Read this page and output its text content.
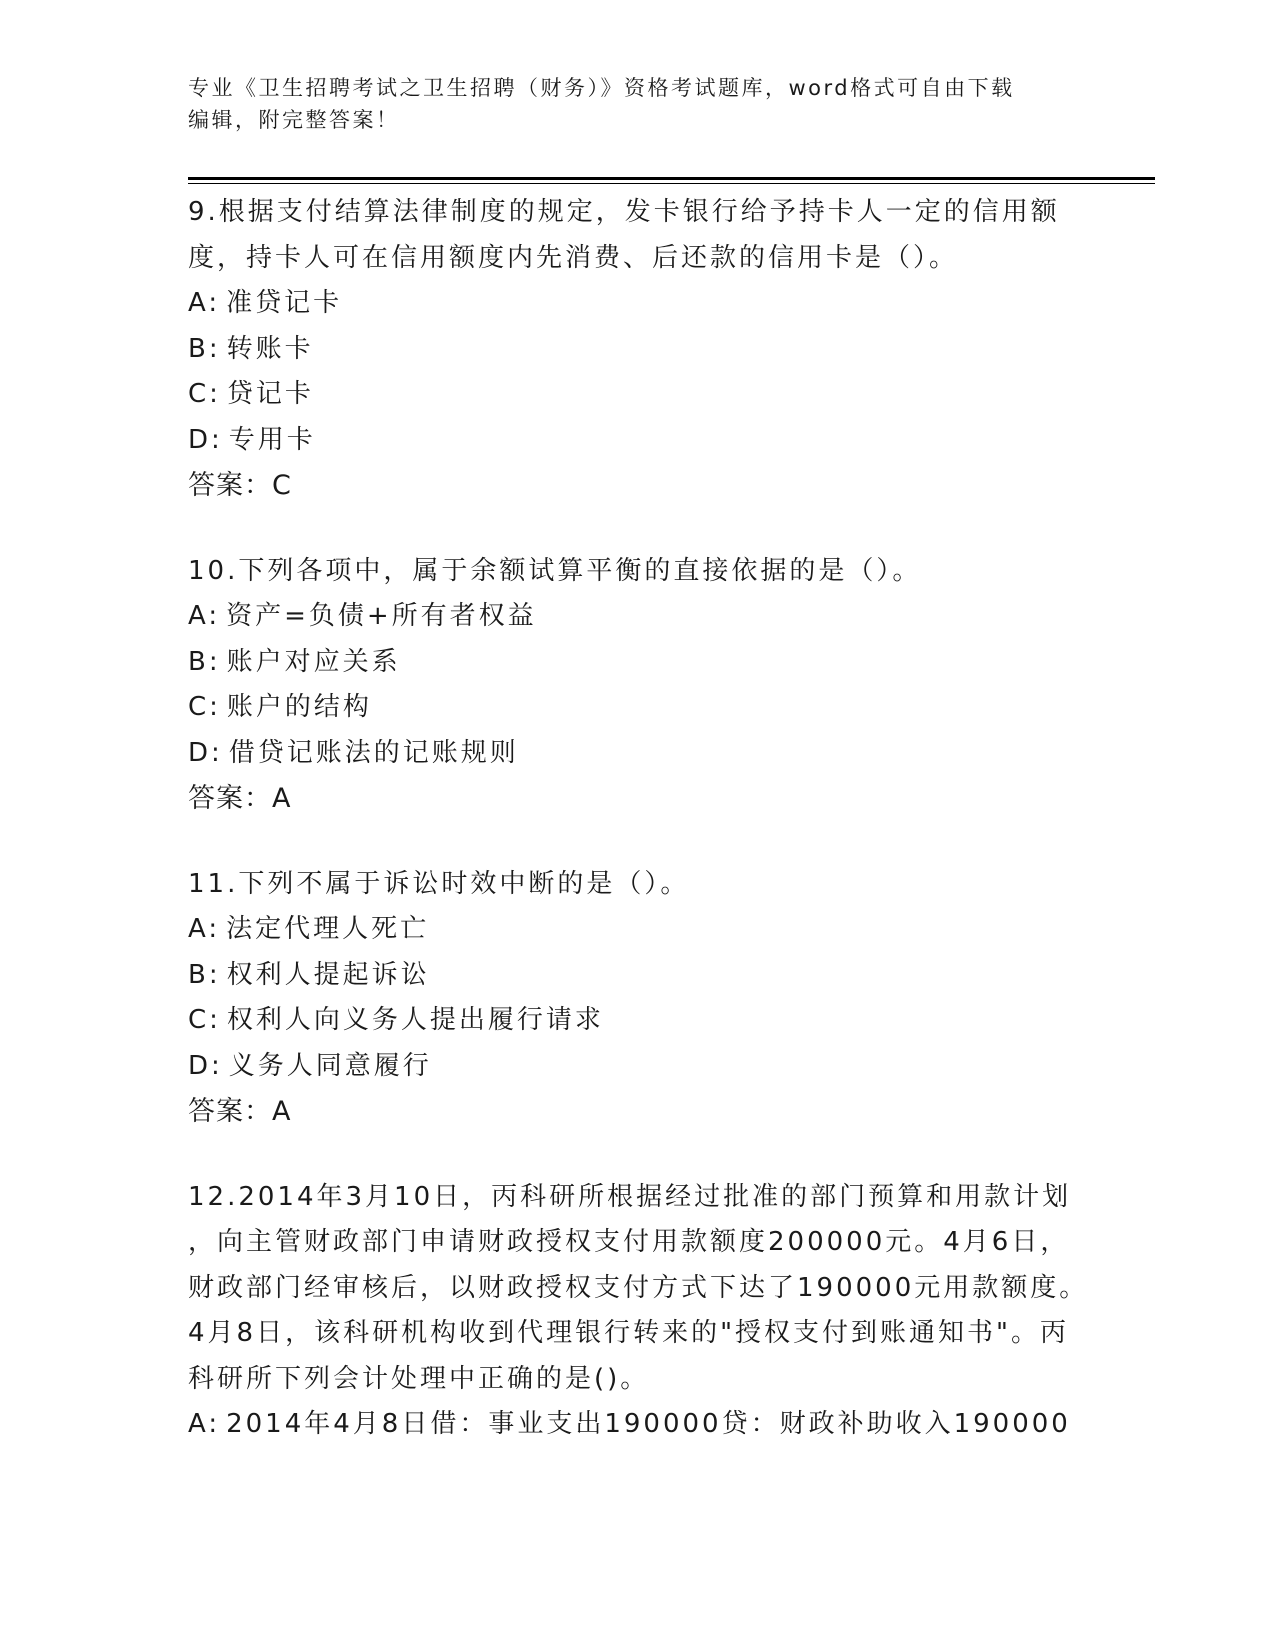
专业《卫生招聘考试之卫生招聘（财务）》资格考试题库，word格式可自由下载
编辑，附完整答案！
9.根据支付结算法律制度的规定，发卡银行给予持卡人一定的信用额
度，持卡人可在信用额度内先消费、后还款的信用卡是（）。
A: 准贷记卡
B: 转账卡
C: 贷记卡
D: 专用卡
答案：C
10.下列各项中，属于余额试算平衡的直接依据的是（）。
A: 资产=负债+所有者权益
B: 账户对应关系
C: 账户的结构
D: 借贷记账法的记账规则
答案：A
11.下列不属于诉讼时效中断的是（）。
A: 法定代理人死亡
B: 权利人提起诉讼
C: 权利人向义务人提出履行请求
D: 义务人同意履行
答案：A
12.2014年3月10日，丙科研所根据经过批准的部门预算和用款计划
，向主管财政部门申请财政授权支付用款额度200000元。4月6日，
财政部门经审核后，以财政授权支付方式下达了190000元用款额度。
4月8日，该科研机构收到代理银行转来的"授权支付到账通知书"。丙
科研所下列会计处理中正确的是()。
A: 2014年4月8日借：事业支出190000贷：财政补助收入190000
